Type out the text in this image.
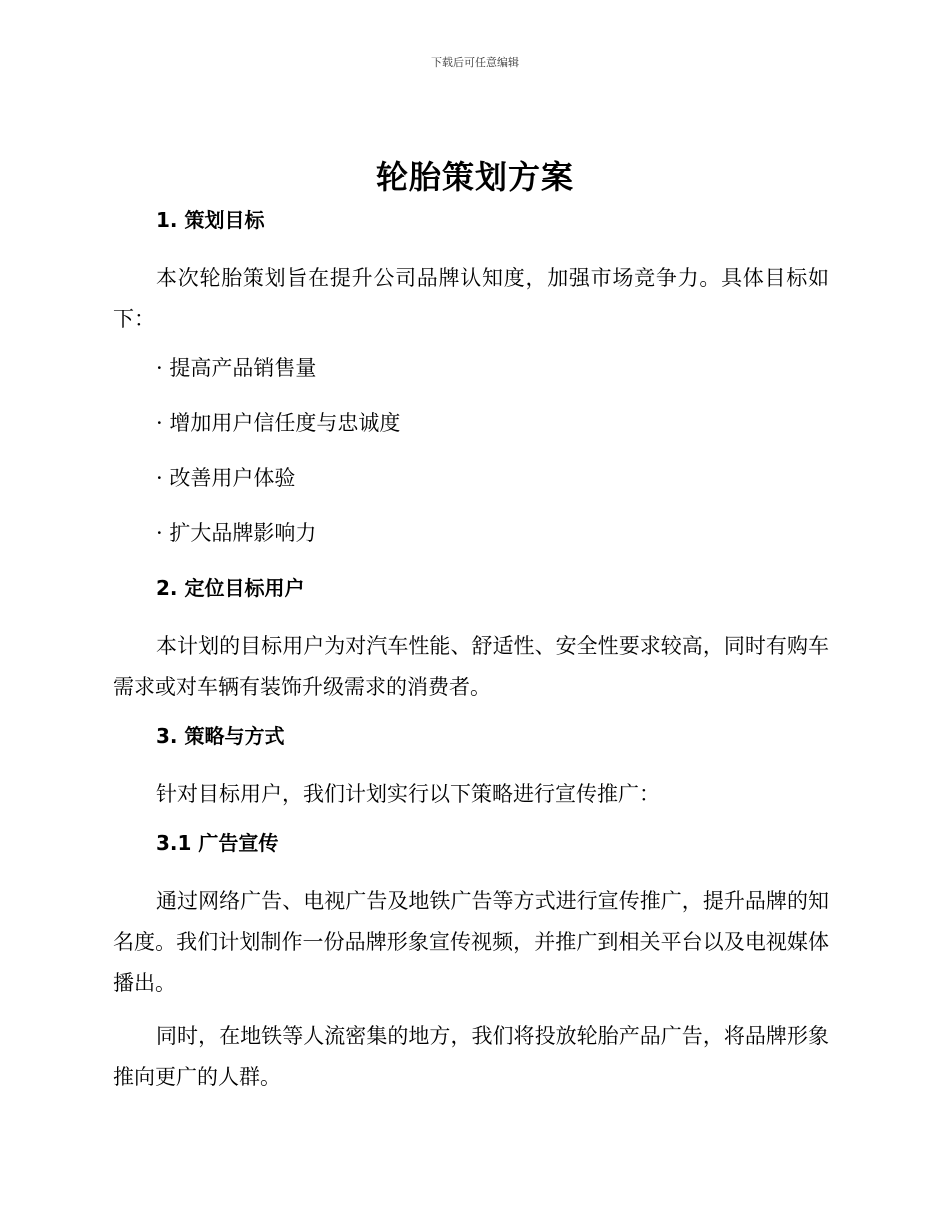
下载后可任意编辑
轮胎策划方案
1. 策划目标

本次轮胎策划旨在提升公司品牌认知度，加强市场竞争力。具体目标如下：

· 提高产品销售量
· 增加用户信任度与忠诚度
· 改善用户体验
· 扩大品牌影响力
2. 定位目标用户

本计划的目标用户为对汽车性能、舒适性、安全性要求较高，同时有购车需求或对车辆有装饰升级需求的消费者。

3. 策略与方式

针对目标用户，我们计划实行以下策略进行宣传推广：

3.1 广告宣传

通过网络广告、电视广告及地铁广告等方式进行宣传推广，提升品牌的知名度。我们计划制作一份品牌形象宣传视频，并推广到相关平台以及电视媒体播出。

同时，在地铁等人流密集的地方，我们将投放轮胎产品广告，将品牌形象推向更广的人群。
